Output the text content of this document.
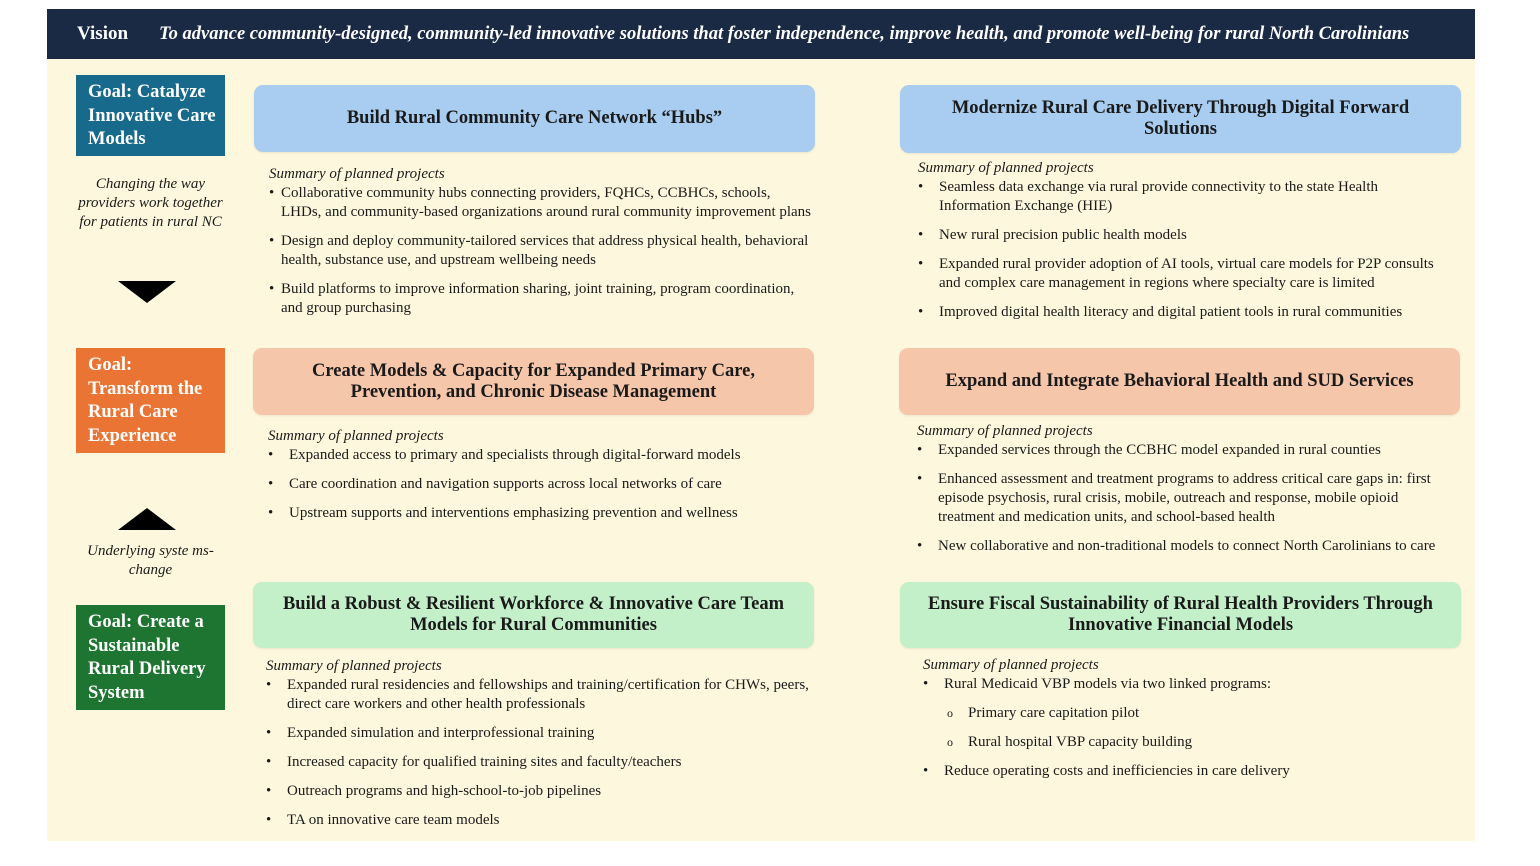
Vision	To advance community-designed, community-led innovative solutions that foster independence, improve health, and promote well-being for rural North Carolinians
Goal: Catalyze Innovative Care Models
Changing the way providers work together for patients in rural NC
Goal: Transform the Rural Care Experience
Underlying syste ms-change
Goal: Create a Sustainable Rural Delivery System
Build Rural Community Care Network “Hubs”
Summary of planned projects
• Collaborative community hubs connecting providers, FQHCs, CCBHCs, schools, LHDs, and community-based organizations around rural community improvement plans
• Design and deploy community-tailored services that address physical health, behavioral health, substance use, and upstream wellbeing needs
• Build platforms to improve information sharing, joint training, program coordination, and group purchasing
Modernize Rural Care Delivery Through Digital Forward Solutions
Summary of planned projects
• Seamless data exchange via rural provide connectivity to the state Health Information Exchange (HIE)
• New rural precision public health models
• Expanded rural provider adoption of AI tools, virtual care models for P2P consults and complex care management in regions where specialty care is limited
• Improved digital health literacy and digital patient tools in rural communities
Create Models & Capacity for Expanded Primary Care, Prevention, and Chronic Disease Management
Summary of planned projects
• Expanded access to primary and specialists through digital-forward models
• Care coordination and navigation supports across local networks of care
• Upstream supports and interventions emphasizing prevention and wellness
Expand and Integrate Behavioral Health and SUD Services
Summary of planned projects
• Expanded services through the CCBHC model expanded in rural counties
• Enhanced assessment and treatment programs to address critical care gaps in: first episode psychosis, rural crisis, mobile, outreach and response, mobile opioid treatment and medication units, and school-based health
• New collaborative and non-traditional models to connect North Carolinians to care
Build a Robust & Resilient Workforce & Innovative Care Team Models for Rural Communities
Summary of planned projects
• Expanded rural residencies and fellowships and training/certification for CHWs, peers, direct care workers and other health professionals
• Expanded simulation and interprofessional training
• Increased capacity for qualified training sites and faculty/teachers
• Outreach programs and high-school-to-job pipelines
• TA on innovative care team models
Ensure Fiscal Sustainability of Rural Health Providers Through Innovative Financial Models
Summary of planned projects
• Rural Medicaid VBP models via two linked programs:
o Primary care capitation pilot
o Rural hospital VBP capacity building
• Reduce operating costs and inefficiencies in care delivery
